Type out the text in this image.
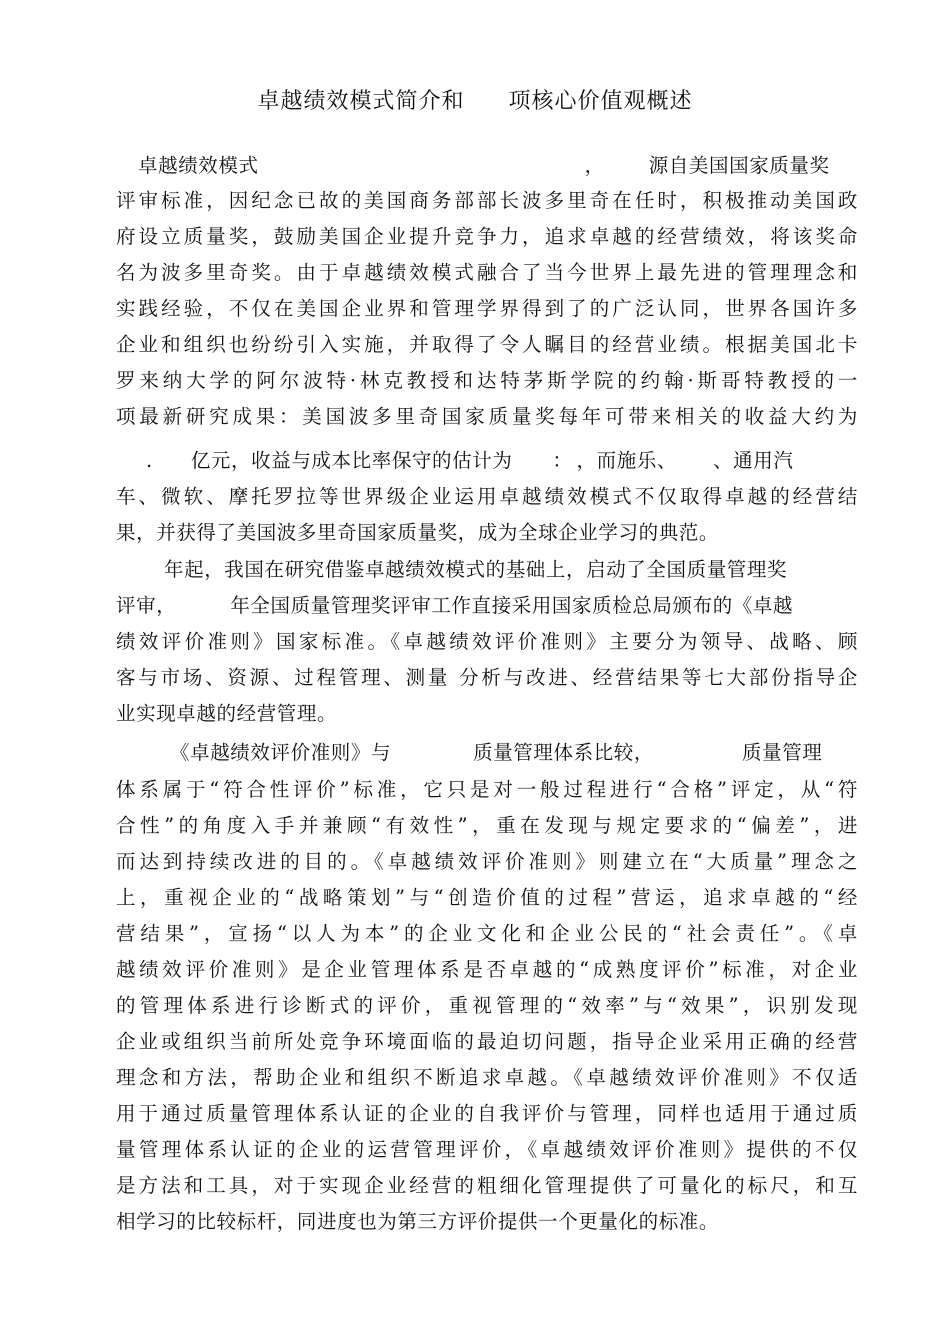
卓越绩效模式简介和 项核心价值观概述
卓越绩效模式	， 源自美国国家质量奖
评审标准，因纪念已故的美国商务部部长波多里奇在任时，积极推动美国政
府设立质量奖，鼓励美国企业提升竞争力，追求卓越的经营绩效，将该奖命
名为波多里奇奖。由于卓越绩效模式融合了当今世界上最先进的管理理念和
实践经验，不仅在美国企业界和管理学界得到了的广泛认同，世界各国许多
企业和组织也纷纷引入实施，并取得了令人瞩目的经营业绩。根据美国北卡
罗来纳大学的阿尔波特·林克教授和达特茅斯学院的约翰·斯哥特教授的一
项最新研究成果：美国波多里奇国家质量奖每年可带来相关的收益大约为
. 亿元，收益与成本比率保守的估计为 ： ，而施乐、 、通用汽
车、微软、摩托罗拉等世界级企业运用卓越绩效模式不仅取得卓越的经营结
果，并获得了美国波多里奇国家质量奖，成为全球企业学习的典范。
年起，我国在研究借鉴卓越绩效模式的基础上，启动了全国质量管理奖
评审，	年全国质量管理奖评审工作直接采用国家质检总局颁布的《卓越
绩效评价准则》国家标准。《卓越绩效评价准则》主要分为领导、战略、顾
客与市场、资源、过程管理、测量 分析与改进、经营结果等七大部份指导企
业实现卓越的经营管理。
《卓越绩效评价准则》与	质量管理体系比较，	质量管理
体系属于“符合性评价”标准，它只是对一般过程进行“合格”评定，从“符
合性”的角度入手并兼顾“有效性”，重在发现与规定要求的“偏差”，进
而达到持续改进的目的。《卓越绩效评价准则》则建立在“大质量”理念之
上，重视企业的“战略策划”与“创造价值的过程”营运，追求卓越的“经
营结果”，宣扬“以人为本”的企业文化和企业公民的“社会责任”。《卓
越绩效评价准则》是企业管理体系是否卓越的“成熟度评价”标准，对企业
的管理体系进行诊断式的评价，重视管理的“效率”与“效果”，识别发现
企业或组织当前所处竞争环境面临的最迫切问题，指导企业采用正确的经营
理念和方法，帮助企业和组织不断追求卓越。《卓越绩效评价准则》不仅适
用于通过质量管理体系认证的企业的自我评价与管理，同样也适用于通过质
量管理体系认证的企业的运营管理评价，《卓越绩效评价准则》提供的不仅
是方法和工具，对于实现企业经营的粗细化管理提供了可量化的标尺，和互
相学习的比较标杆，同进度也为第三方评价提供一个更量化的标准。
